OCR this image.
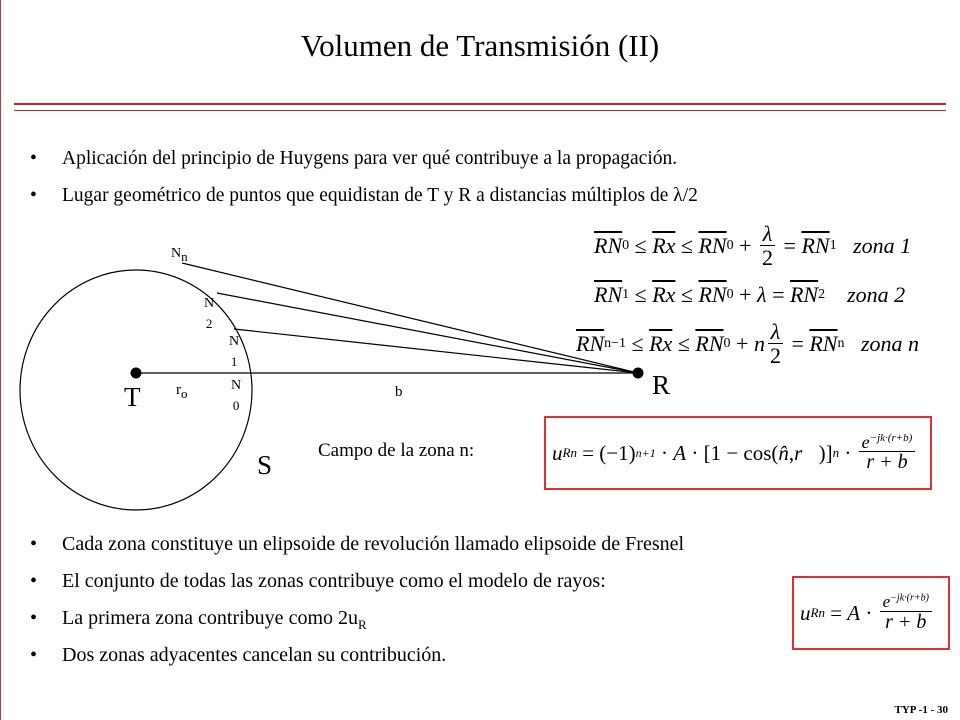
Volumen de Transmisión (II)
• Aplicación del principio de Huygens para ver qué contribuye a la propagación.
• Lugar geométrico de puntos que equidistan de T y R a distancias múltiplos de λ/2
T	R
S
b
$r_o$
$N_n$
N
2
N
1
N
0
$\overline{RN}$ $0 \le \overline{Rx} \le \overline{RN}$ $0 + \frac{\lambda}{2} = \overline{RN}$ 1
zona 1
$\overline{RN}$ $1 \le \overline{Rx} \le \overline{RN}$ $0 + \lambda = \overline{RN}$ 2
zona 2
$\overline{RN}$ $n-1 \le \overline{Rx} \le \overline{RN}$ 0 + n $\frac{\lambda}{2} = \overline{RN}$ n
zona n
Campo de la zona n:	u Rn = (−1) n+1 · A · [1 − cos( n̂ , r⃗ )] $n \cdot \frac{e^{-jk\cdot(r+b)}}{r + b}$
• Cada zona constituye un elipsoide de revolución llamado elipsoide de Fresnel
• El conjunto de todas las zonas contribuye como el modelo de rayos:
• La primera zona contribuye como $2u_R$
• Dos zonas adyacentes cancelan su contribución.
u $Rn = A \cdot \frac{e^{-jk\cdot(r+b)}}{r + b}$
TYP -1 - 30
